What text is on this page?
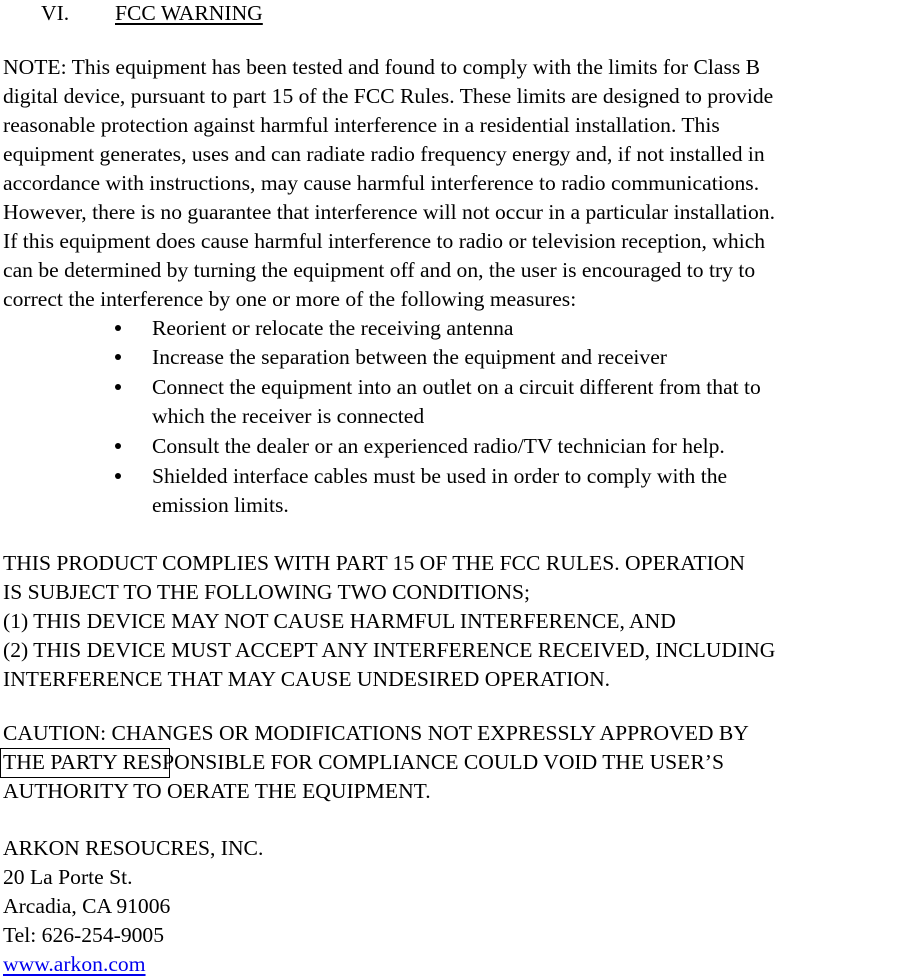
VI. FCC WARNING
NOTE: This equipment has been tested and found to comply with the limits for Class B
digital device, pursuant to part 15 of the FCC Rules. These limits are designed to provide
reasonable protection against harmful interference in a residential installation. This
equipment generates, uses and can radiate radio frequency energy and, if not installed in
accordance with instructions, may cause harmful interference to radio communications.
However, there is no guarantee that interference will not occur in a particular installation.
If this equipment does cause harmful interference to radio or television reception, which
can be determined by turning the equipment off and on, the user is encouraged to try to
correct the interference by one or more of the following measures:
Reorient or relocate the receiving antenna
Increase the separation between the equipment and receiver
Connect the equipment into an outlet on a circuit different from that to
which the receiver is connected
Consult the dealer or an experienced radio/TV technician for help.
Shielded interface cables must be used in order to comply with the
emission limits.
THIS PRODUCT COMPLIES WITH PART 15 OF THE FCC RULES. OPERATION
IS SUBJECT TO THE FOLLOWING TWO CONDITIONS;
(1) THIS DEVICE MAY NOT CAUSE HARMFUL INTERFERENCE, AND
(2) THIS DEVICE MUST ACCEPT ANY INTERFERENCE RECEIVED, INCLUDING
INTERFERENCE THAT MAY CAUSE UNDESIRED OPERATION.
CAUTION: CHANGES OR MODIFICATIONS NOT EXPRESSLY APPROVED BY
THE PARTY RESPONSIBLE FOR COMPLIANCE COULD VOID THE USER’S
AUTHORITY TO OERATE THE EQUIPMENT.
ARKON RESOUCRES, INC.
20 La Porte St.
Arcadia, CA 91006
Tel: 626-254-9005
www.arkon.com
